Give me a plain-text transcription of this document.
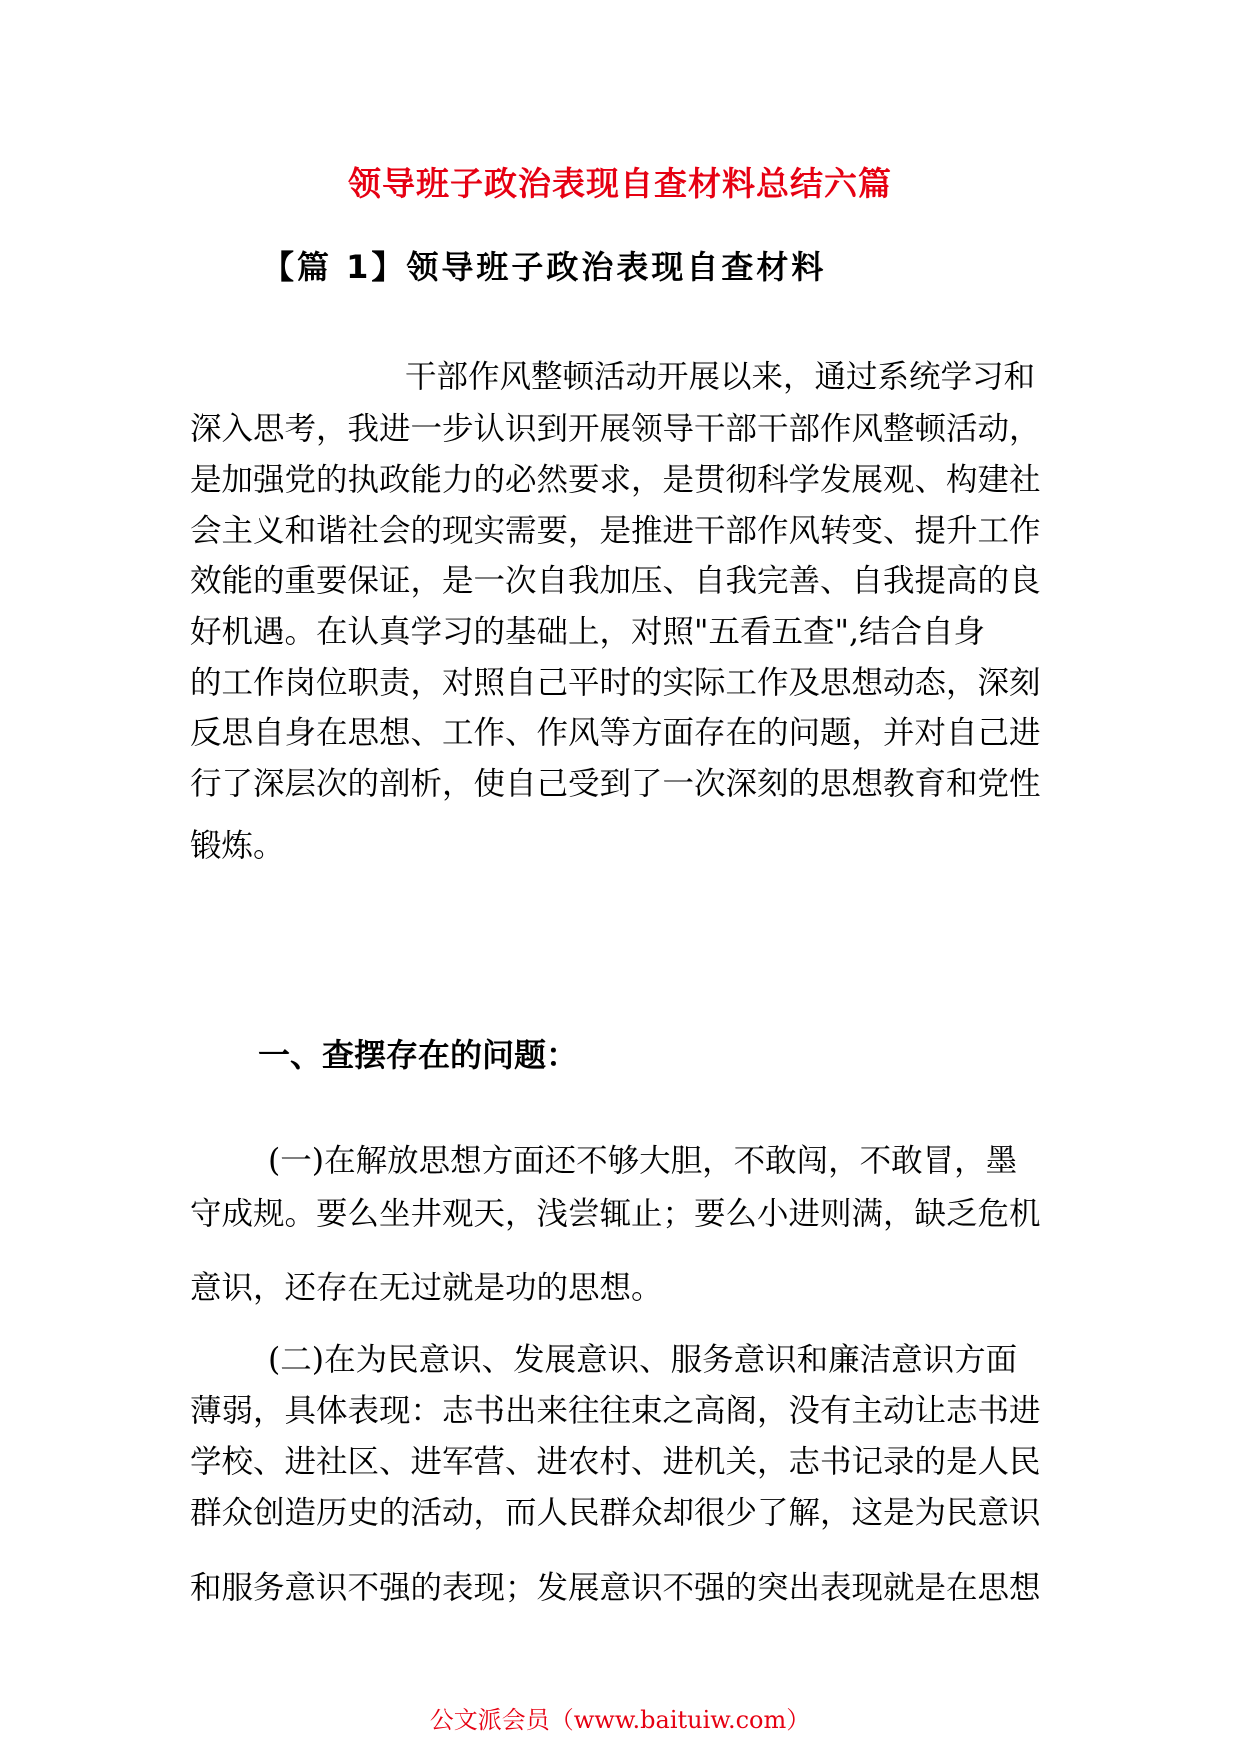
领导班子政治表现自查材料总结六篇
【篇 1】领导班子政治表现自查材料
干部作风整顿活动开展以来，通过系统学习和
深入思考，我进一步认识到开展领导干部干部作风整顿活动，
是加强党的执政能力的必然要求，是贯彻科学发展观、构建社
会主义和谐社会的现实需要，是推进干部作风转变、提升工作
效能的重要保证，是一次自我加压、自我完善、自我提高的良
好机遇。在认真学习的基础上，对照"五看五查",结合自身
的工作岗位职责，对照自己平时的实际工作及思想动态，深刻
反思自身在思想、工作、作风等方面存在的问题，并对自己进
行了深层次的剖析，使自己受到了一次深刻的思想教育和党性
锻炼。
一、查摆存在的问题：
(一)在解放思想方面还不够大胆，不敢闯，不敢冒，墨
守成规。要么坐井观天，浅尝辄止；要么小进则满，缺乏危机
意识，还存在无过就是功的思想。
(二)在为民意识、发展意识、服务意识和廉洁意识方面
薄弱，具体表现：志书出来往往束之高阁，没有主动让志书进
学校、进社区、进军营、进农村、进机关，志书记录的是人民
群众创造历史的活动，而人民群众却很少了解，这是为民意识
和服务意识不强的表现；发展意识不强的突出表现就是在思想
公文派会员（www.baituiw.com）
